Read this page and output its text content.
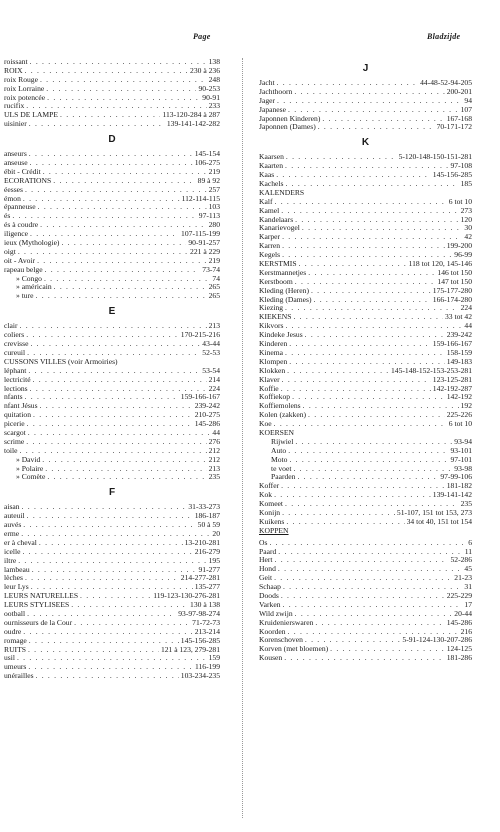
Page	Bladzijde
roissant . . .	138
ROIX . . .	230 à 236
roix Rouge . . .	248
roix Lorraine . . .	90-253
roix potencée . . .	90-91
rucifix . . .	233
ULS DE LAMPE . . .	113-120-284 à 287
uisinier . . .	139-141-142-282
D
anseurs . . .	145-154
anseuse . . .	106-275
ébit - Crédit . . .	219
ECORATIONS . . .	89 à 92
éesses . . .	257
émon . . .	112-114-115
épanneuse . . .	103
és . . .	97-113
és à coudre . . .	280
iligence . . .	107-115-199
ieux (Mythologie) . . .	90-91-257
oigt . . .	221 à 229
oit - Avoir . . .	219
rapeau belge . . .	73-74
» Congo . . .	74
» américain . . .	265
» ture . . .	265
E
clair . . .	213
coliers . . .	170-215-216
crevisse . . .	43-44
cureuil . . .	52-53
CUSSONS VILLES (voir Armoiries)
léphant . . .	53-54
lectricité . . .	214
lections . . .	224
nfants . . .	159-166-167
nfant Jésus . . .	239-242
quitation . . .	210-275
picerie . . .	145-286
scargot . . .	44
scrime . . .	276
toile . . .	212
» David . . .	212
» Polaire . . .	213
» Comète . . .	235
F
aisan . . .	31-33-273
auteuil . . .	186-187
auvés . . .	50 à 59
erme . . .	20
er à cheval . . .	13-210-281
icelle . . .	216-279
iltre . . .	195
lambeau . . .	91-277
lèches . . .	214-277-281
leur Lys . . .	135-277
LEURS NATURELLES . . .	119-123-130-276-281
LEURS STYLISEES . . .	130 à 138
ootball . . .	93-97-98-274
ournisseurs de la Cour . . .	71-72-73
oudre . . .	213-214
romage . . .	145-156-285
RUITS . . .	121 à 123, 279-281
usil . . .	159
umeurs . . .	116-199
unérailles . . .	103-234-235
J
Jacht . . .	44-48-52-94-205
Jachthoorn . . .	200-201
Jager . . .	94
Japanese . . .	107
Japonnen Kinderen) . . .	167-168
Japonnen (Dames) . . .	70-171-172
K
Kaarsen . . .	5-120-148-150-151-281
Kaarten . . .	97-108
Kaas . . .	145-156-285
Kachels . . .	185
KALENDERS
Kalf . . .	6 tot 10
Kamel . . .	273
Kandelaars . . .	120
Kanarievogel . . .	30
Karper . . .	42
Karren . . .	199-200
Kegels . . .	96-99
KERSTMIS . . .	118 tot 120, 145-146
Kerstmannetjes . . .	146 tot 150
Kerstboom . . .	147 tot 150
Kleding (Heren) . . .	175-177-280
Kleding (Dames) . . .	166-174-280
Kiezing . . .	224
KIEKENS . . .	33 tot 42
Kikvors . . .	44
Kindeke Jesus . . .	239-242
Kinderen . . .	159-166-167
Kinema . . .	158-159
Klompen . . .	149-183
Klokken . . .	145-148-152-153-253-281
Klaver . . .	123-125-281
Koffie . . .	142-192-287
Koffiekop . . .	142-192
Koffiemolens . . .	192
Kolen (zakken) . . .	225-226
Koe . . .	6 tot 10
KOERSEN
Rijwiel . . .	93-94
Auto . . .	93-101
Moto . . .	97-101
te voet . . .	93-98
Paarden . . .	97-99-106
Koffer . . .	181-182
Kok . . .	139-141-142
Komeet . . .	235
Konijn . . .	51-107, 151 tot 153, 273
Kuikens . . .	34 tot 40, 151 tot 154
KOPPEN
Os . . .	6
Paard . . .	11
Hert . . .	52-286
Hond . . .	45
Geit . . .	21-23
Schaap . . .	31
Doods . . .	225-229
Varken . . .	17
Wild zwijn . . .	20-44
Kruidenierswaren . . .	145-286
Koorden . . .	216
Korenschoven . . .	5-91-124-130-207-286
Korven (met bloemen) . . .	124-125
Kousen . . .	181-286
